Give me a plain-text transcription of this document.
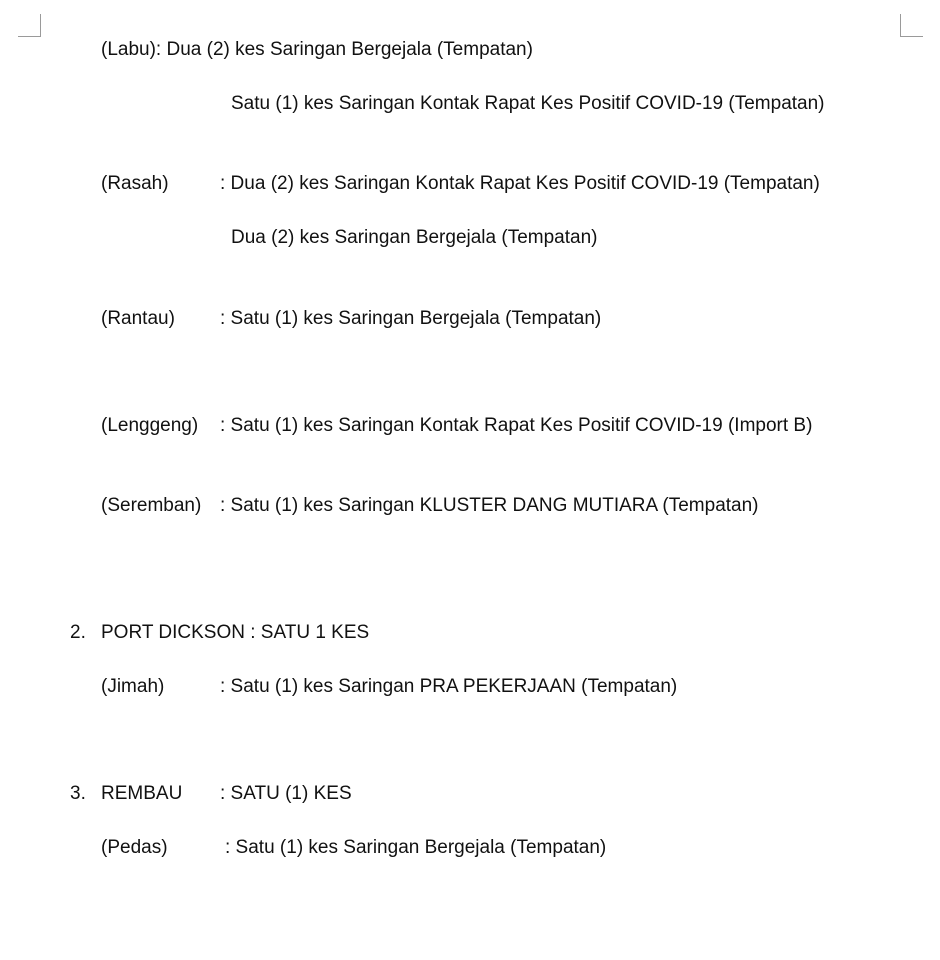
(Labu): Dua (2) kes Saringan Bergejala (Tempatan)
Satu (1) kes Saringan Kontak Rapat Kes Positif COVID-19 (Tempatan)
(Rasah)	: Dua (2) kes Saringan Kontak Rapat Kes Positif COVID-19 (Tempatan)
Dua (2) kes Saringan Bergejala (Tempatan)
(Rantau) : Satu (1) kes Saringan Bergejala (Tempatan)
(Lenggeng) : Satu (1) kes Saringan Kontak Rapat Kes Positif COVID-19 (Import B)
(Seremban) : Satu (1) kes Saringan KLUSTER DANG MUTIARA (Tempatan)
2. PORT DICKSON : SATU 1 KES
(Jimah)	: Satu (1) kes Saringan PRA PEKERJAAN (Tempatan)
3. REMBAU : SATU (1) KES
(Pedas)	: Satu (1) kes Saringan Bergejala (Tempatan)
